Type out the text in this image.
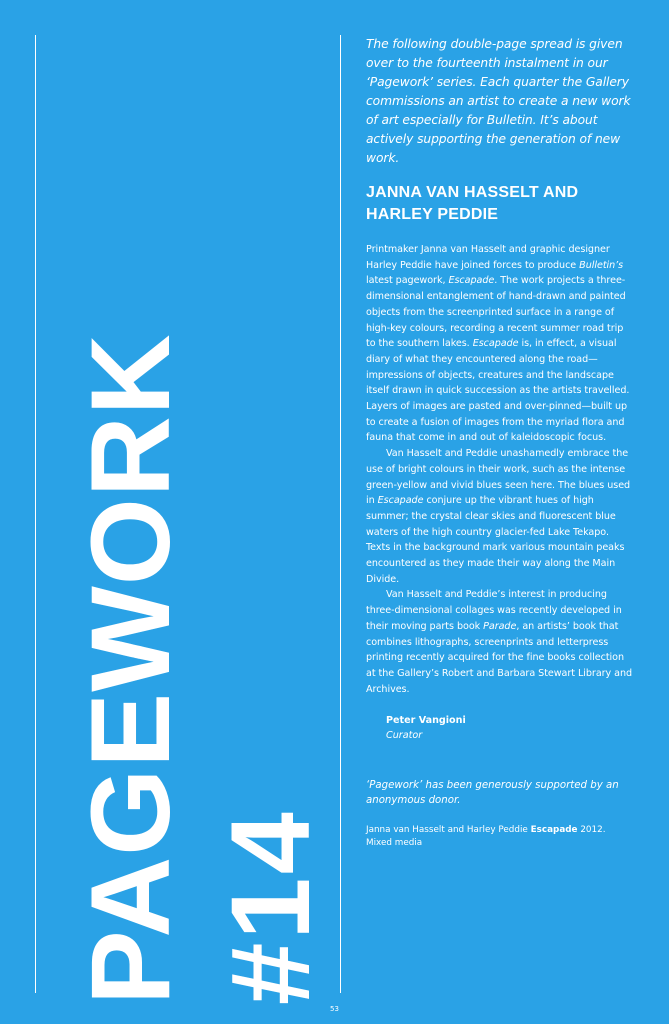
PAGEWORK #14

The following double-page spread is given over to the fourteenth instalment in our ‘Pagework’ series. Each quarter the Gallery commissions an artist to create a new work of art especially for Bulletin. It’s about actively supporting the generation of new work.

JANNA VAN HASSELT AND
HARLEY PEDDIE

Printmaker Janna van Hasselt and graphic designer Harley Peddie have joined forces to produce Bulletin’s latest pagework, Escapade. The work projects a three-dimensional entanglement of hand-drawn and painted objects from the screenprinted surface in a range of high-key colours, recording a recent summer road trip to the southern lakes. Escapade is, in effect, a visual diary of what they encountered along the road—impressions of objects, creatures and the landscape itself drawn in quick succession as the artists travelled. Layers of images are pasted and over-pinned—built up to create a fusion of images from the myriad flora and fauna that come in and out of kaleidoscopic focus.

Van Hasselt and Peddie unashamedly embrace the use of bright colours in their work, such as the intense green-yellow and vivid blues seen here. The blues used in Escapade conjure up the vibrant hues of high summer; the crystal clear skies and fluorescent blue waters of the high country glacier-fed Lake Tekapo. Texts in the background mark various mountain peaks encountered as they made their way along the Main Divide.

Van Hasselt and Peddie’s interest in producing three-dimensional collages was recently developed in their moving parts book Parade, an artists’ book that combines lithographs, screenprints and letterpress printing recently acquired for the fine books collection at the Gallery’s Robert and Barbara Stewart Library and Archives.

Peter Vangioni
Curator
‘Pagework’ has been generously supported by an anonymous donor.
Janna van Hasselt and Harley Peddie Escapade 2012.
Mixed media
53
